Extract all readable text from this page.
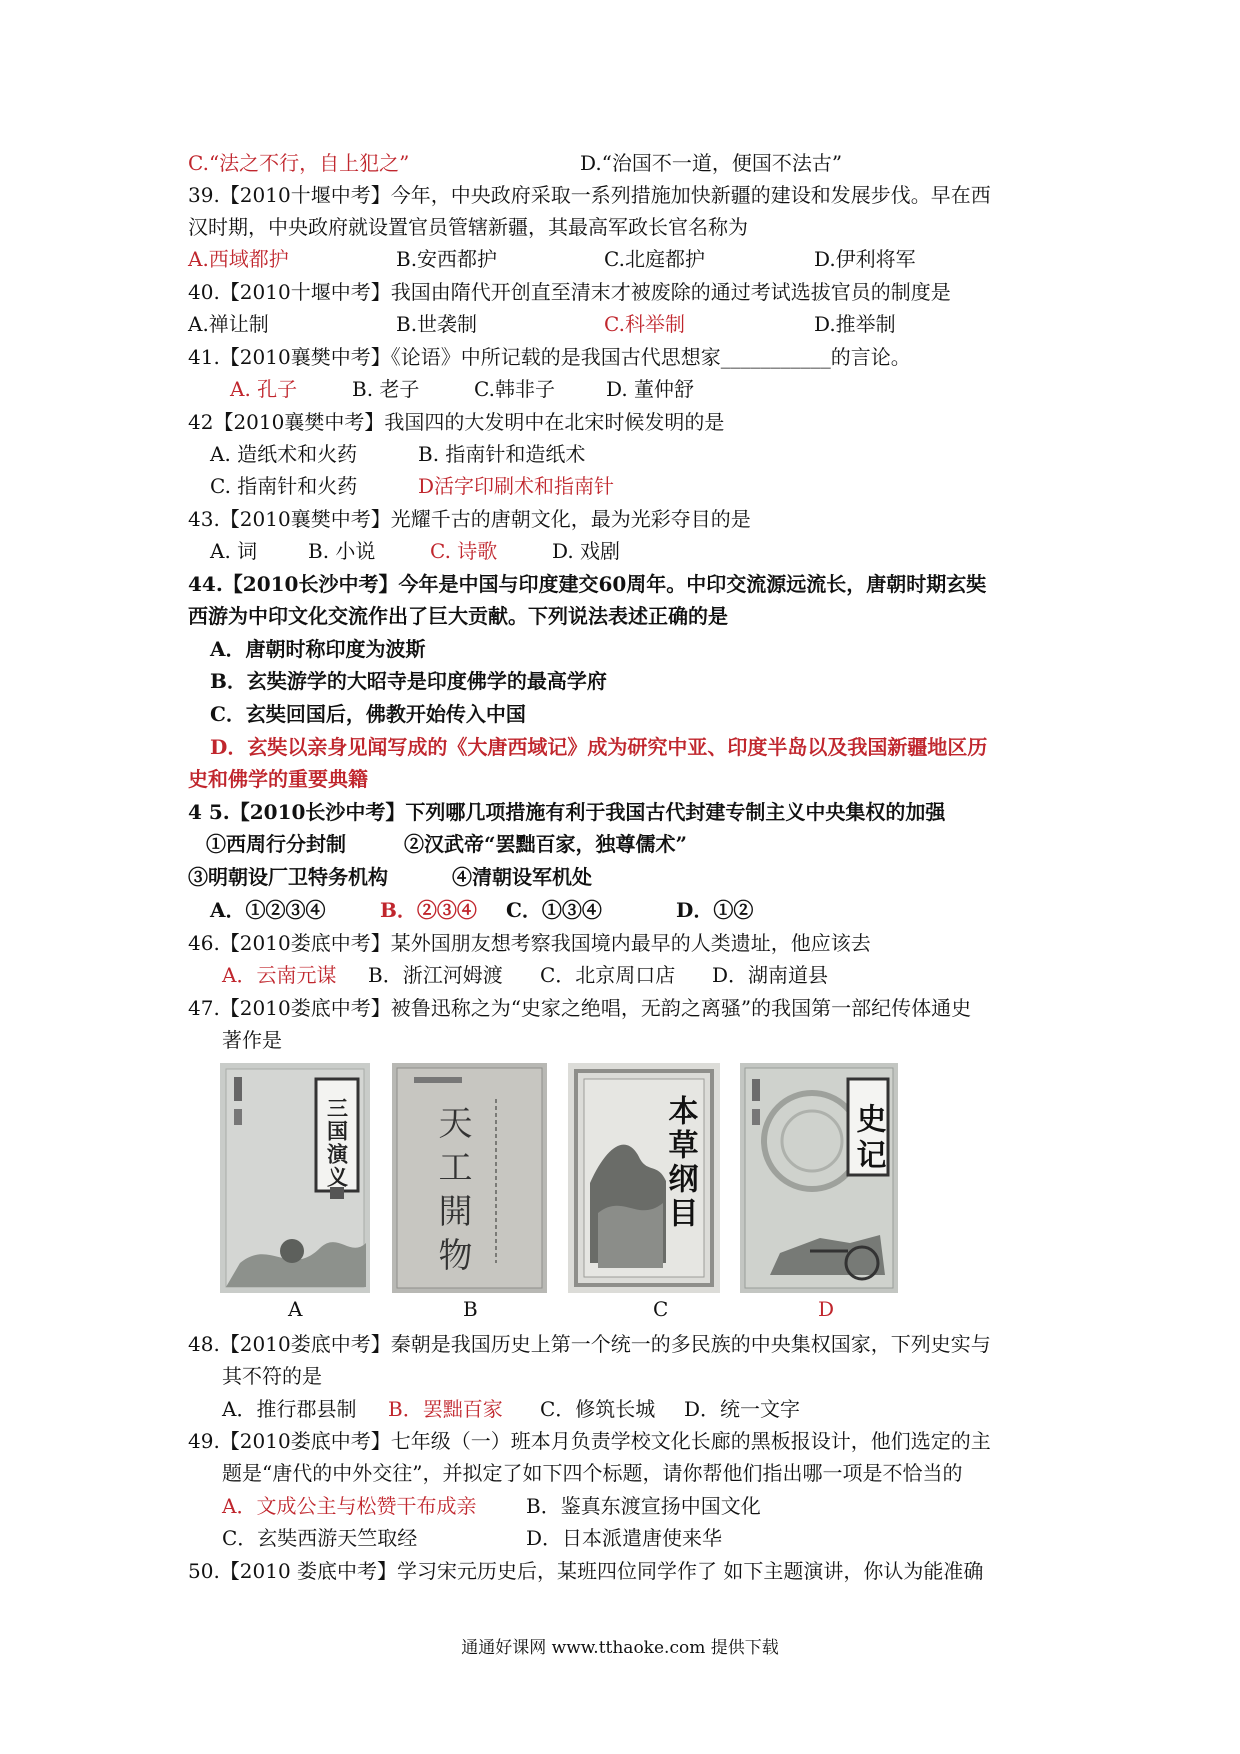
C.“法之不行，自上犯之”	D.“治国不一道，便国不法古”
39.【2010十堰中考】今年，中央政府采取一系列措施加快新疆的建设和发展步伐。早在西
汉时期，中央政府就设置官员管辖新疆，其最高军政长官名称为
A.西域都护	B.安西都护	C.北庭都护	D.伊利将军
40.【2010十堰中考】我国由隋代开创直至清末才被废除的通过考试选拔官员的制度是
A.禅让制	B.世袭制	C.科举制	D.推举制
41.【2010襄樊中考】《论语》中所记载的是我国古代思想家___________的言论。
A. 孔子	B. 老子	C.韩非子	D. 董仲舒
42【2010襄樊中考】我国四的大发明中在北宋时候发明的是
A. 造纸术和火药	B. 指南针和造纸术
C. 指南针和火药	D活字印刷术和指南针
43.【2010襄樊中考】光耀千古的唐朝文化，最为光彩夺目的是
A. 词	B. 小说	C. 诗歌	D. 戏剧
44.【2010长沙中考】今年是中国与印度建交60周年。中印交流源远流长，唐朝时期玄奘
西游为中印文化交流作出了巨大贡献。下列说法表述正确的是
A．唐朝时称印度为波斯
B．玄奘游学的大昭寺是印度佛学的最高学府
C．玄奘回国后，佛教开始传入中国
D．玄奘以亲身见闻写成的《大唐西域记》成为研究中亚、印度半岛以及我国新疆地区历
史和佛学的重要典籍
4 5.【2010长沙中考】下列哪几项措施有利于我国古代封建专制主义中央集权的加强
①西周行分封制	②汉武帝“罢黜百家，独尊儒术”
③明朝设厂卫特务机构	④清朝设军机处
A．①②③④	B．②③④ C．①③④	D．①②
46.【2010娄底中考】某外国朋友想考察我国境内最早的人类遗址，他应该去
A．云南元谋 B．浙江河姆渡 C．北京周口店 D．湖南道县
47.【2010娄底中考】被鲁迅称之为“史家之绝唱，无韵之离骚”的我国第一部纪传体通史
著作是
三国演义 天工開物	本草纲目	史记
A	B	C	D
48.【2010娄底中考】秦朝是我国历史上第一个统一的多民族的中央集权国家，下列史实与
其不符的是
A．推行郡县制 B．罢黜百家 C．修筑长城 D．统一文字
49.【2010娄底中考】七年级（一）班本月负责学校文化长廊的黑板报设计，他们选定的主
题是“唐代的中外交往”，并拟定了如下四个标题，请你帮他们指出哪一项是不恰当的
A．文成公主与松赞干布成亲 B．鉴真东渡宣扬中国文化
C．玄奘西游天竺取经	D．日本派遣唐使来华
50.【2010 娄底中考】学习宋元历史后，某班四位同学作了 如下主题演讲，你认为能准确
通通好课网 www.tthaoke.com 提供下载
